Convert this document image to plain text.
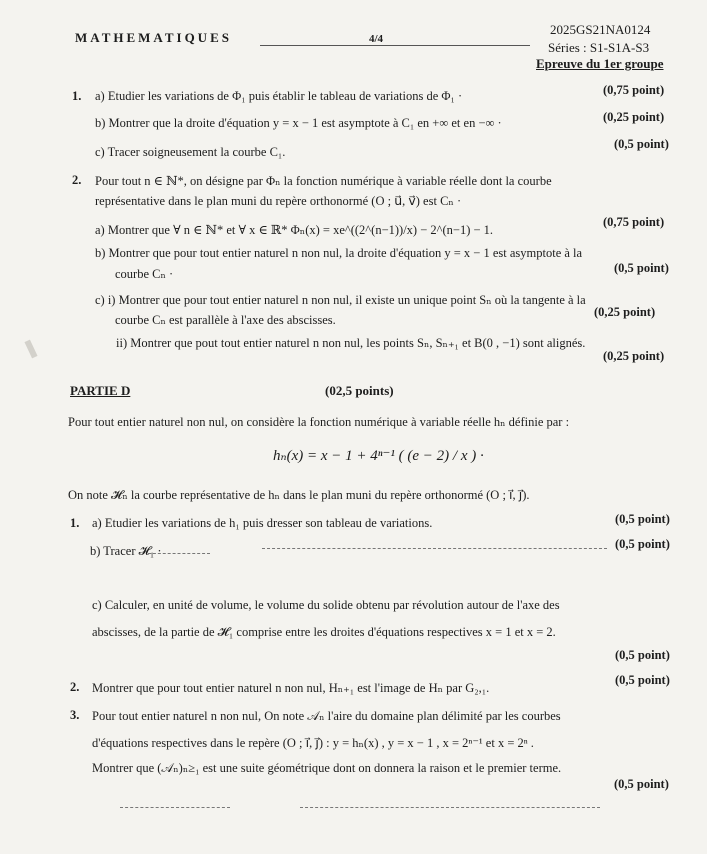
MATHEMATIQUES	4/4
2025GS21NA0124
Séries : S1-S1A-S3
Epreuve du 1er groupe
1. a) Etudier les variations de Φ₁ puis établir le tableau de variations de Φ₁ ·	(0,75 point)
b) Montrer que la droite d'équation y = x − 1 est asymptote à C₁ en +∞ et en −∞ ·	(0,25 point)
c) Tracer soigneusement la courbe C₁.
(0,5 point)
2. Pour tout n ∈ ℕ*, on désigne par Φₙ la fonction numérique à variable réelle dont la courbe
représentative dans le plan muni du repère orthonormé (O ; u⃗, v⃗) est Cₙ ·
a) Montrer que ∀ n ∈ ℕ* et ∀ x ∈ ℝ* Φₙ(x) = xe^((2^(n−1))/x) − 2^(n−1) − 1.
(0,75 point)
b) Montrer que pour tout entier naturel n non nul, la droite d'équation y = x − 1 est asymptote à la
courbe Cₙ ·	(0,5 point)
c) i) Montrer que pour tout entier naturel n non nul, il existe un unique point Sₙ où la tangente à la
courbe Cₙ est parallèle à l'axe des abscisses.
(0,25 point)
ii) Montrer que pout tout entier naturel n non nul, les points Sₙ, Sₙ₊₁ et B(0 , −1) sont alignés.
(0,25 point)
PARTIE D	(02,5 points)
Pour tout entier naturel non nul, on considère la fonction numérique à variable réelle hₙ définie par :
hₙ(x) = x − 1 + 4ⁿ⁻¹ ( (e − 2) / x ) ·
On note 𝓗ₙ la courbe représentative de hₙ dans le plan muni du repère orthonormé (O ; i⃗, j⃗).
1. a) Etudier les variations de h₁ puis dresser son tableau de variations.	(0,5 point)
b) Tracer 𝓗₁ ·	(0,5 point)
c) Calculer, en unité de volume, le volume du solide obtenu par révolution autour de l'axe des
abscisses, de la partie de 𝓗₁ comprise entre les droites d'équations respectives x = 1 et x = 2.
(0,5 point)
2. Montrer que pour tout entier naturel n non nul, Hₙ₊₁ est l'image de Hₙ par G₂,₁.
(0,5 point)
3. Pour tout entier naturel n non nul, On note 𝒜ₙ l'aire du domaine plan délimité par les courbes
d'équations respectives dans le repère (O ; i⃗, j⃗) : y = hₙ(x) , y = x − 1 , x = 2ⁿ⁻¹ et x = 2ⁿ .
Montrer que (𝒜ₙ)ₙ≥₁ est une suite géométrique dont on donnera la raison et le premier terme.
(0,5 point)
